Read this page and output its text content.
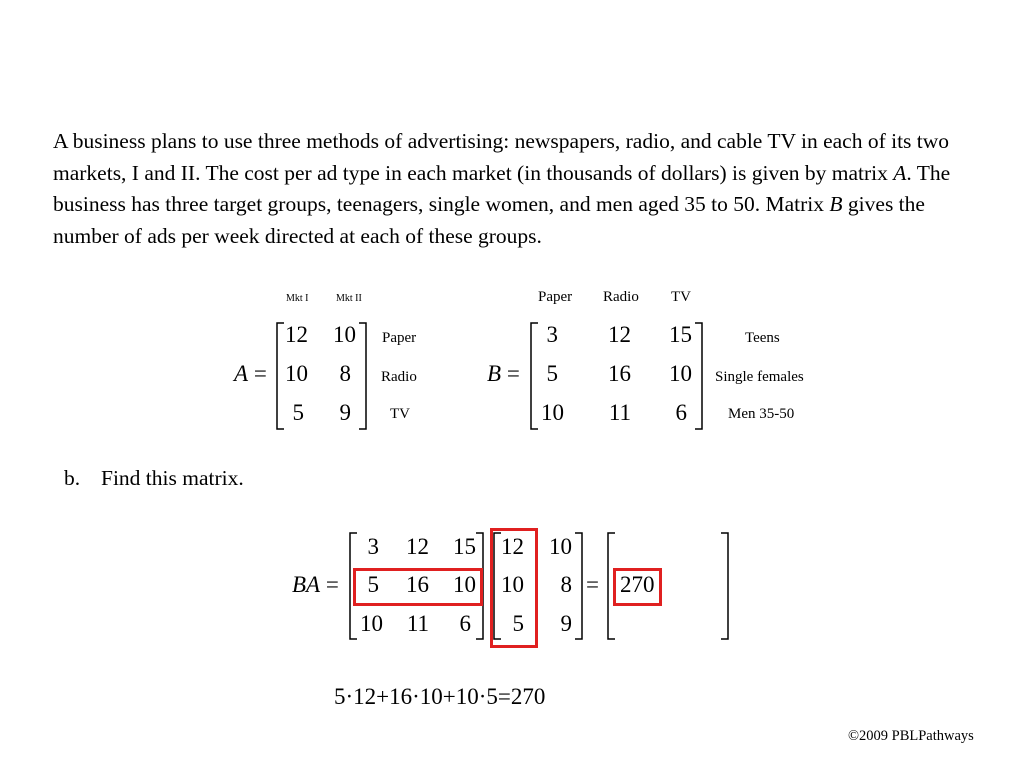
A business plans to use three methods of advertising: newspapers, radio, and cable TV in each of its two markets, I and II. The cost per ad type in each market (in thousands of dollars) is given by matrix A. The business has three target groups, teenagers, single women, and men aged 35 to 50. Matrix B gives the number of ads per week directed at each of these groups.
Mkt I	Mkt II
A =
12	10
10	8
5	9
Paper
Radio
TV
Paper Radio TV
B =
3	12	15
5	16	10
10	11	6
Teens
Single females
Men 35-50
b. Find this matrix.
BA =
3	12	15
5	16	10
10	11	6
12	10
10	8
5	9
= 270
5·12+16·10+10·5=270
©2009 PBLPathways
